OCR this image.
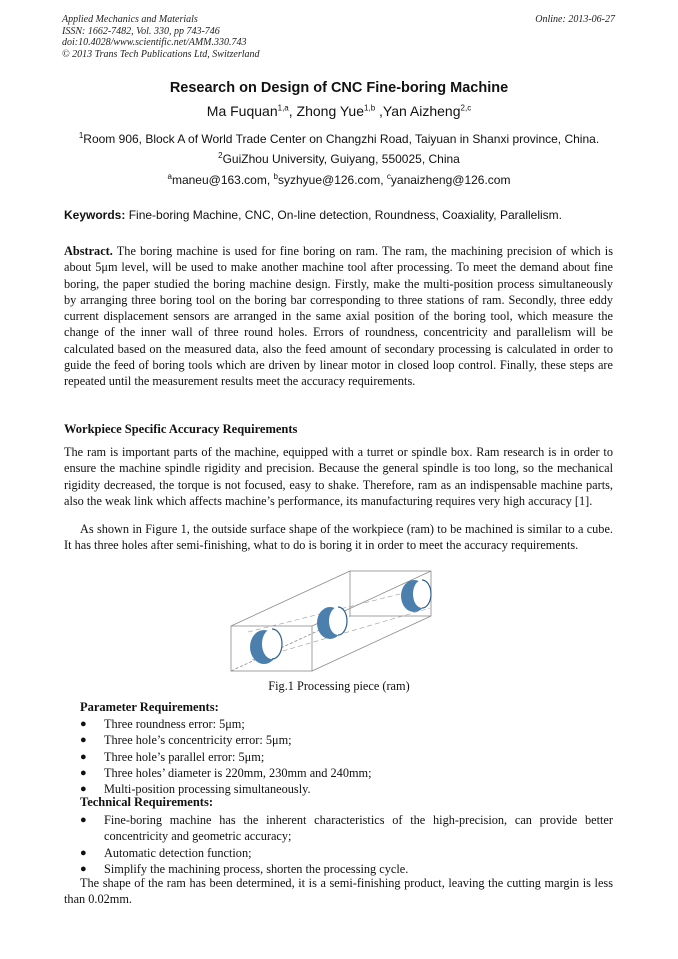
Applied Mechanics and Materials
ISSN: 1662-7482, Vol. 330, pp 743-746
doi:10.4028/www.scientific.net/AMM.330.743
© 2013 Trans Tech Publications Ltd, Switzerland
Online: 2013-06-27
Research on Design of CNC Fine-boring Machine
Ma Fuquan$^{1,a}$, Zhong Yue$^{1,b}$ ,Yan Aizheng$^{2,c}$
$^1$Room 906, Block A of World Trade Center on Changzhi Road, Taiyuan in Shanxi province, China.
$^2$GuiZhou University, Guiyang, 550025, China
$^a$maneu@163.com, $^b$syzhyue@126.com, $^c$yanaizheng@126.com
Keywords: Fine-boring Machine, CNC, On-line detection, Roundness, Coaxiality, Parallelism.
Abstract. The boring machine is used for fine boring on ram. The ram, the machining precision of which is about 5μm level, will be used to make another machine tool after processing. To meet the demand about fine boring, the paper studied the boring machine design. Firstly, make the multi-position process simultaneously by arranging three boring tool on the boring bar corresponding to three stations of ram. Secondly, three eddy current displacement sensors are arranged in the same axial position of the boring tool, which measure the change of the inner wall of three round holes. Errors of roundness, concentricity and parallelism will be calculated based on the measured data, also the feed amount of secondary processing is calculated in order to guide the feed of boring tools which are driven by linear motor in closed loop control. Finally, these steps are repeated until the measurement results meet the accuracy requirements.
Workpiece Specific Accuracy Requirements
The ram is important parts of the machine, equipped with a turret or spindle box. Ram research is in order to ensure the machine spindle rigidity and precision. Because the general spindle is too long, so the mechanical rigidity decreased, the torque is not focused, easy to shake. Therefore, ram as an indispensable machine parts, also the weak link which affects machine’s performance, its manufacturing requires very high accuracy [1].
As shown in Figure 1, the outside surface shape of the workpiece (ram) to be machined is similar to a cube. It has three holes after semi-finishing, what to do is boring it in order to meet the accuracy requirements.
Fig.1 Processing piece (ram)
Parameter Requirements:
● Three roundness error: 5μm;
● Three hole’s concentricity error: 5μm;
● Three hole’s parallel error: 5μm;
● Three holes’ diameter is 220mm, 230mm and 240mm;
● Multi-position processing simultaneously.
Technical Requirements:
● Fine-boring machine has the inherent characteristics of the high-precision, can provide better concentricity and geometric accuracy;
● Automatic detection function;
● Simplify the machining process, shorten the processing cycle.
The shape of the ram has been determined, it is a semi-finishing product, leaving the cutting margin is less than 0.02mm.
